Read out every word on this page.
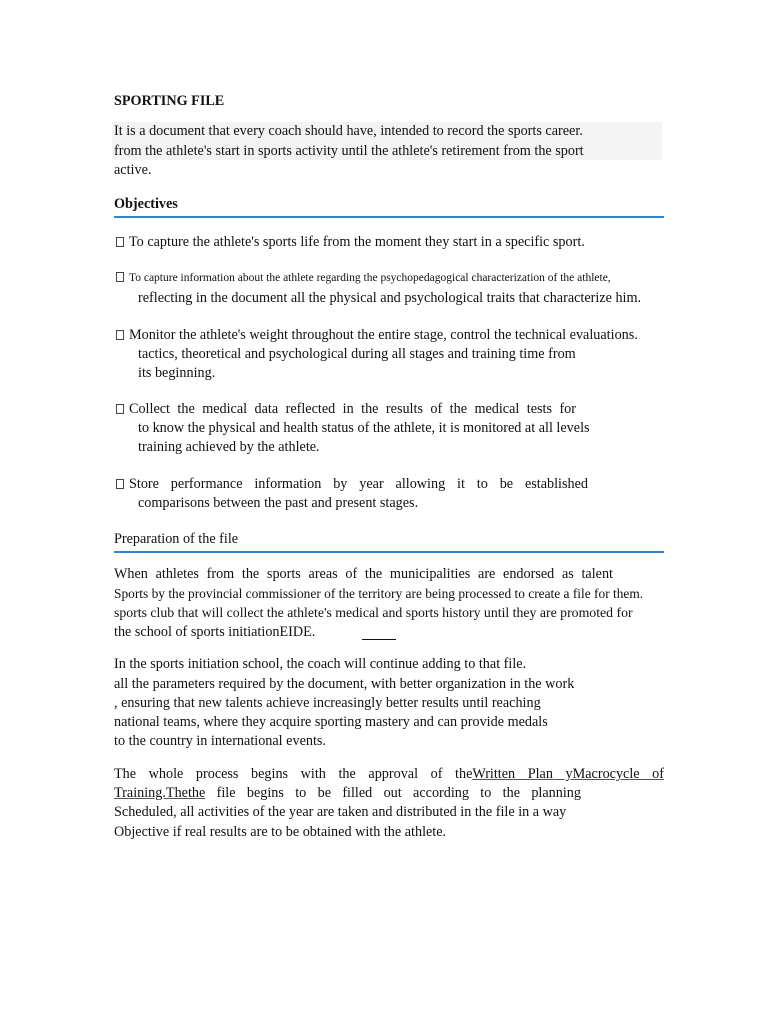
SPORTING FILE
It is a document that every coach should have, intended to record the sports career.
from the athlete's start in sports activity until the athlete's retirement from the sport
active.
Objectives
To capture the athlete's sports life from the moment they start in a specific sport.
To capture information about the athlete regarding the psychopedagogical characterization of the athlete,
reflecting in the document all the physical and psychological traits that characterize him.
Monitor the athlete's weight throughout the entire stage, control the technical evaluations.
tactics, theoretical and psychological during all stages and training time from
its beginning.
Collect the medical data reflected in the results of the medical tests for
to know the physical and health status of the athlete, it is monitored at all levels
training achieved by the athlete.
Store performance information by year allowing it to be established
comparisons between the past and present stages.
Preparation of the file
When athletes from the sports areas of the municipalities are endorsed as talent
Sports by the provincial commissioner of the territory are being processed to create a file for them.
sports club that will collect the athlete's medical and sports history until they are promoted for
the school of sports initiationEIDE.
In the sports initiation school, the coach will continue adding to that file.
all the parameters required by the document, with better organization in the work
, ensuring that new talents achieve increasingly better results until reaching
national teams, where they acquire sporting mastery and can provide medals
to the country in international events.
The whole process begins with the approval of theWritten Plan yMacrocycle of
Training.Thethe file begins to be filled out according to the planning
Scheduled, all activities of the year are taken and distributed in the file in a way
Objective if real results are to be obtained with the athlete.
